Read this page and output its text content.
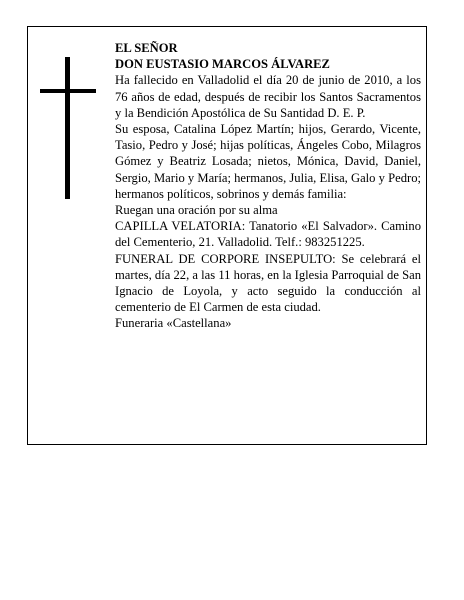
EL SEÑOR

DON EUSTASIO MARCOS ÁLVAREZ

Ha fallecido en Valladolid el día 20 de junio de 2010, a los 76 años de edad, después de recibir los Santos Sacramentos y la Bendición Apostólica de Su Santidad D. E. P.

Su esposa, Catalina López Martín; hijos, Gerardo, Vicente, Tasio, Pedro y José; hijas políticas, Ángeles Cobo, Milagros Gómez y Beatriz Losada; nietos, Mónica, David, Daniel, Sergio, Mario y María; hermanos, Julia, Elisa, Galo y Pedro; hermanos políticos, sobrinos y demás familia:

Ruegan una oración por su alma

CAPILLA VELATORIA: Tanatorio «El Salvador». Camino del Cementerio, 21. Valladolid. Telf.: 983251225.

FUNERAL DE CORPORE INSEPULTO: Se celebrará el martes, día 22, a las 11 horas, en la Iglesia Parroquial de San Ignacio de Loyola, y acto seguido la conducción al cementerio de El Carmen de esta ciudad.

Funeraria «Castellana»
